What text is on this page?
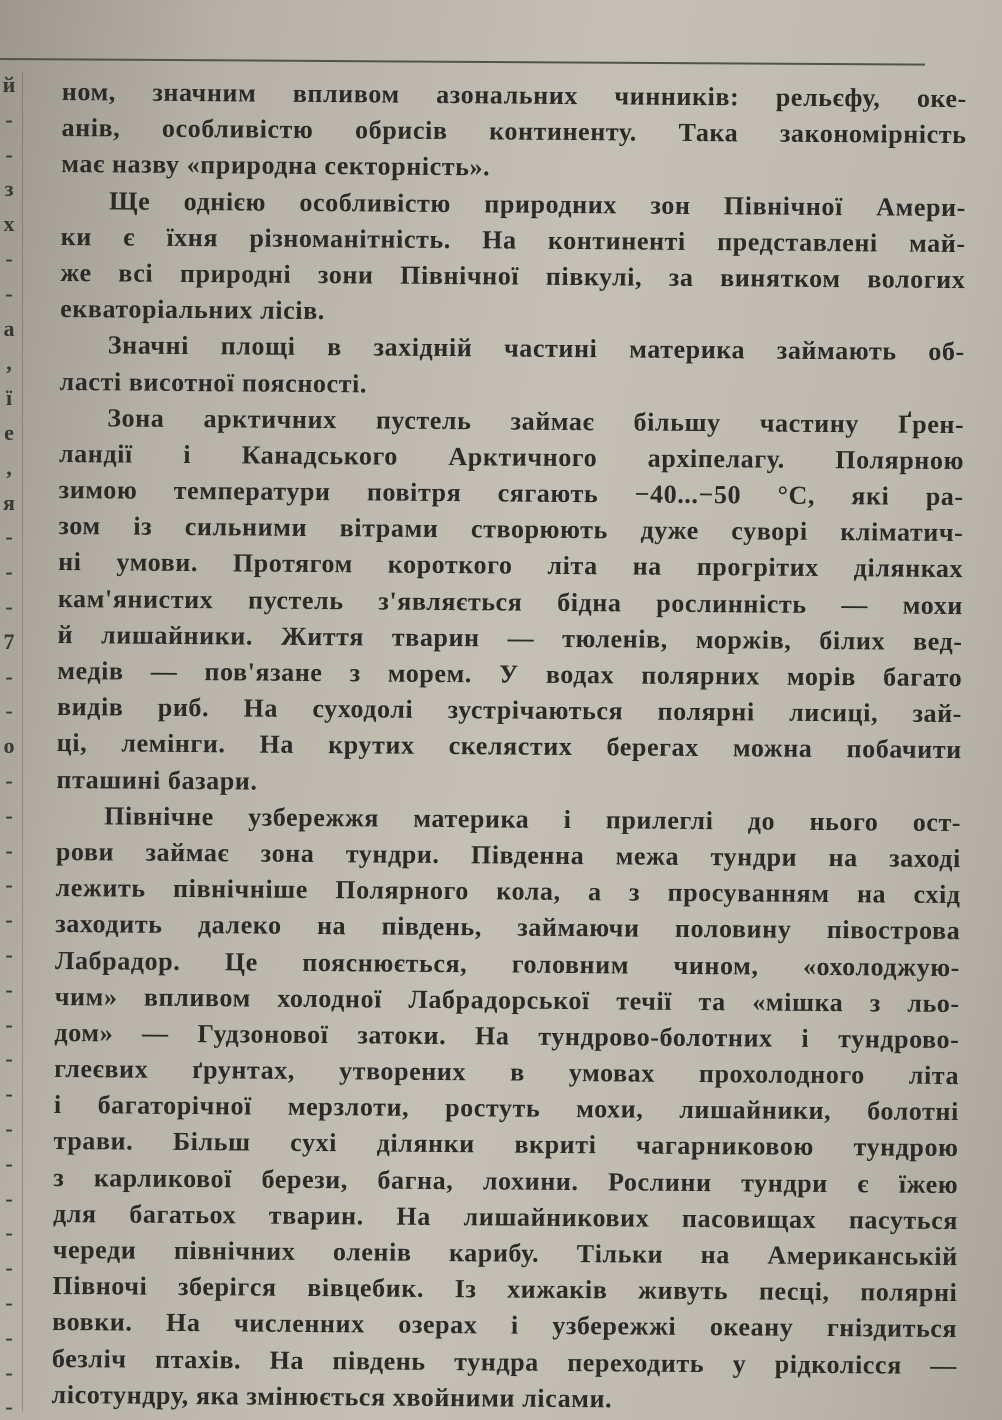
й
-
-
з
х
-
-
а
,
ї
е
,
я
-
-
-
7
-
-
о
-
-
-
-
-
-
-
-
-
-
-
-
-
-
-
-
-
-
-
ном, значним впливом азональних чинників: рельєфу, оке-
анів, особливістю обрисів континенту. Така закономірність
має назву «природна секторність».
Ще однією особливістю природних зон Північної Амери-
ки є їхня різноманітність. На континенті представлені май-
же всі природні зони Північної півкулі, за винятком вологих
екваторіальних лісів.
Значні площі в західній частині материка займають об-
ласті висотної поясності.
Зона арктичних пустель займає більшу частину Ґрен-
ландії і Канадського Арктичного архіпелагу. Полярною
зимою температури повітря сягають −40...−50 °С, які ра-
зом із сильними вітрами створюють дуже суворі кліматич-
ні умови. Протягом короткого літа на прогрітих ділянках
кам'янистих пустель з'являється бідна рослинність — мохи
й лишайники. Життя тварин — тюленів, моржів, білих вед-
медів — пов'язане з морем. У водах полярних морів багато
видів риб. На суходолі зустрічаються полярні лисиці, зай-
ці, лемінги. На крутих скелястих берегах можна побачити
пташині базари.
Північне узбережжя материка і прилеглі до нього ост-
рови займає зона тундри. Південна межа тундри на заході
лежить північніше Полярного кола, а з просуванням на схід
заходить далеко на південь, займаючи половину півострова
Лабрадор. Це пояснюється, головним чином, «охолоджую-
чим» впливом холодної Лабрадорської течії та «мішка з льо-
дом» — Гудзонової затоки. На тундрово-болотних і тундрово-
глеєвих ґрунтах, утворених в умовах прохолодного літа
і багаторічної мерзлоти, ростуть мохи, лишайники, болотні
трави. Більш сухі ділянки вкриті чагарниковою тундрою
з карликової берези, багна, лохини. Рослини тундри є їжею
для багатьох тварин. На лишайникових пасовищах пасуться
череди північних оленів карибу. Тільки на Американській
Півночі зберігся вівцебик. Із хижаків живуть песці, полярні
вовки. На численних озерах і узбережжі океану гніздиться
безліч птахів. На південь тундра переходить у рідколісся —
лісотундру, яка змінюється хвойними лісами.
